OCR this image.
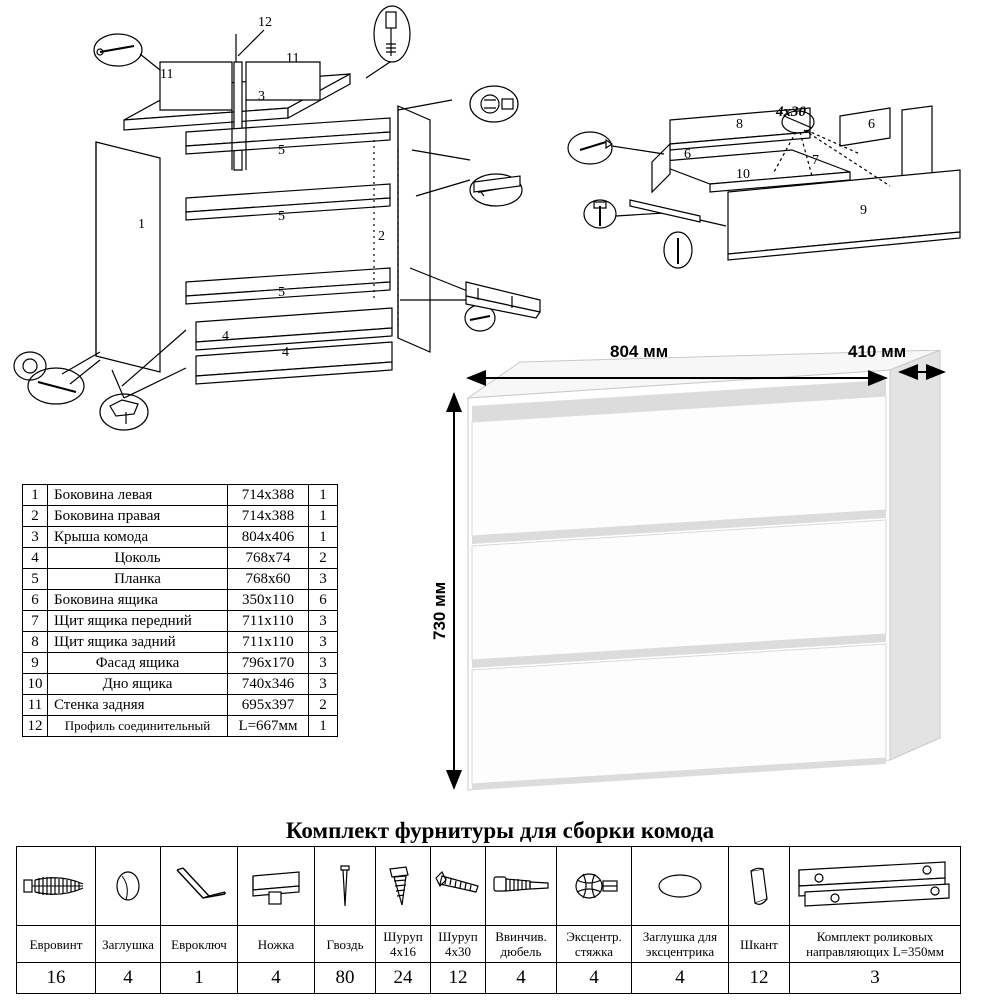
11
11
12
3
1
2
5
5
5
4
4
8
6
6
10
7
9
4х30
804 мм	410 мм
730 мм
1	Боковина левая	714х388	1
2	Боковина правая	714х388	1
3	Крыша комода	804х406	1
4	Цоколь	768х74	2
5	Планка	768х60	3
6	Боковина ящика	350х110	6
7	Щит ящика передний	711х110	3
8	Щит ящика задний	711х110	3
9	Фасад ящика	796х170	3
10	Дно ящика	740х346	3
11	Стенка задняя	695х397	2
12	Профиль соединительный	L=667мм	1
Комплект фурнитуры для сборки комода

Евровинт	Заглушка	Евроключ	Ножка	Гвоздь	Шуруп 4х16	Шуруп 4х30	Ввинчив. дюбель	Эксцентр. стяжка	Заглушка для эксцентрика	Шкант	Комплект роликовых направляющих L=350мм
16	4	1	4	80	24	12	4	4	4	12	3
